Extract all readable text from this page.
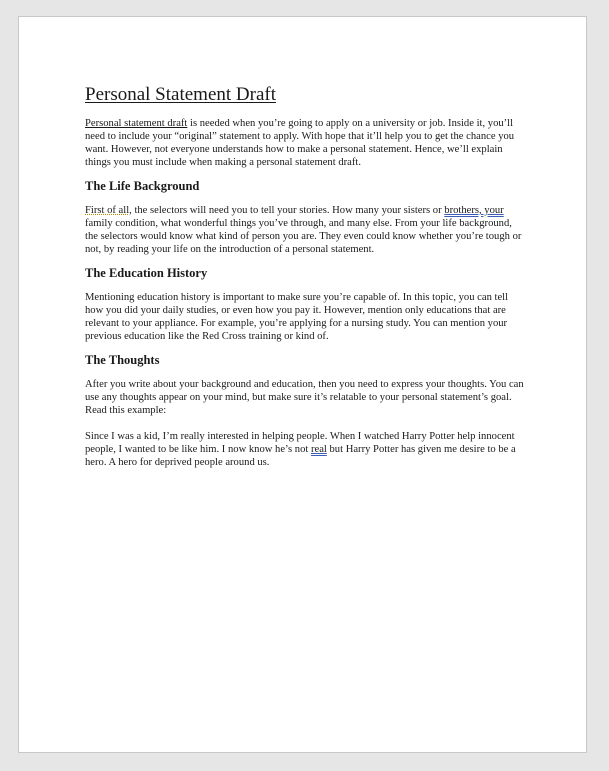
Personal Statement Draft

Personal statement draft is needed when you’re going to apply on a university or job. Inside it, you’ll need to include your “original” statement to apply. With hope that it’ll help you to get the chance you want. However, not everyone understands how to make a personal statement. Hence, we’ll explain things you must include when making a personal statement draft.

The Life Background

First of all, the selectors will need you to tell your stories. How many your sisters or brothers, your family condition, what wonderful things you’ve through, and many else. From your life background, the selectors would know what kind of person you are. They even could know whether you’re tough or not, by reading your life on the introduction of a personal statement.

The Education History

Mentioning education history is important to make sure you’re capable of. In this topic, you can tell how you did your daily studies, or even how you pay it. However, mention only educations that are relevant to your appliance. For example, you’re applying for a nursing study. You can mention your previous education like the Red Cross training or kind of.

The Thoughts

After you write about your background and education, then you need to express your thoughts. You can use any thoughts appear on your mind, but make sure it’s relatable to your personal statement’s goal. Read this example:

Since I was a kid, I’m really interested in helping people. When I watched Harry Potter help innocent people, I wanted to be like him. I now know he’s not real but Harry Potter has given me desire to be a hero. A hero for deprived people around us.
